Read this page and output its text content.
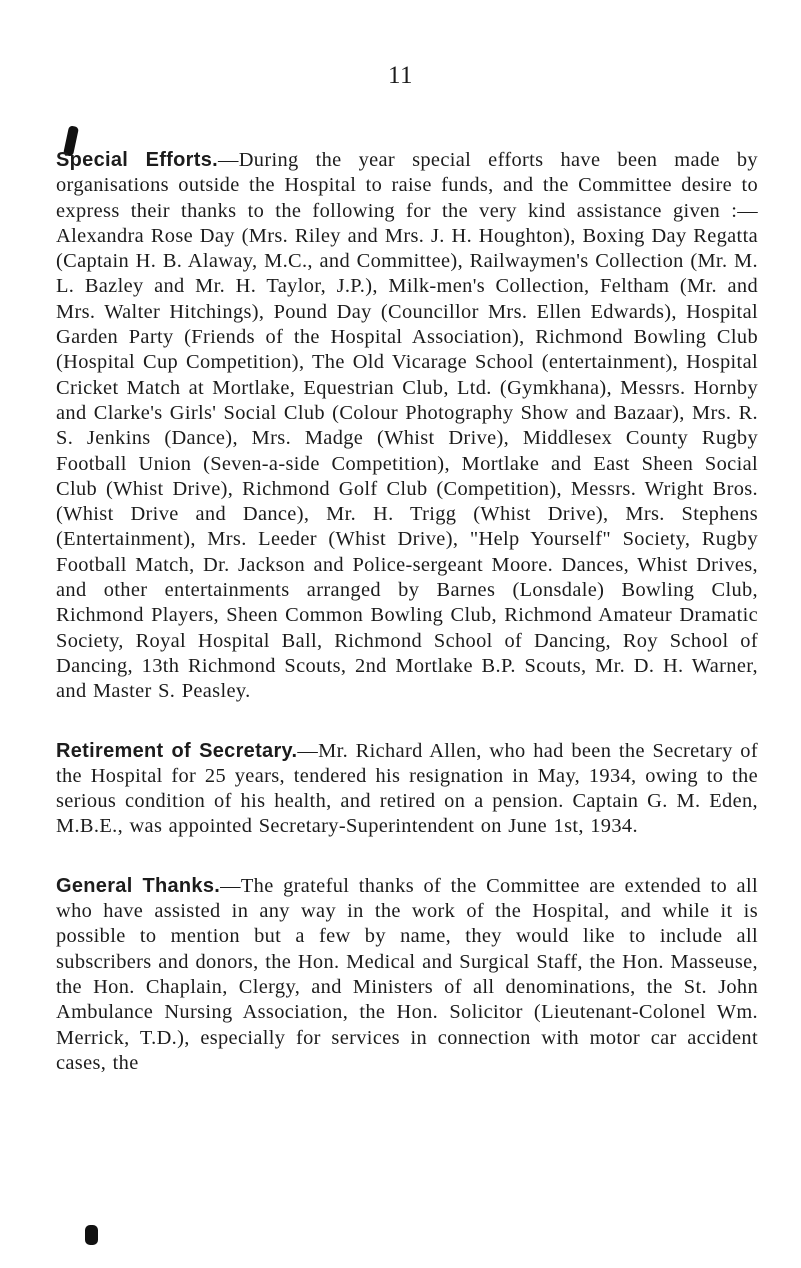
11

Special Efforts.—During the year special efforts have been made by organisations outside the Hospital to raise funds, and the Committee desire to express their thanks to the following for the very kind assistance given :—Alexandra Rose Day (Mrs. Riley and Mrs. J. H. Houghton), Boxing Day Regatta (Captain H. B. Alaway, M.C., and Committee), Railwaymen's Collection (Mr. M. L. Bazley and Mr. H. Taylor, J.P.), Milk-men's Collection, Feltham (Mr. and Mrs. Walter Hitchings), Pound Day (Councillor Mrs. Ellen Edwards), Hospital Garden Party (Friends of the Hospital Association), Richmond Bowling Club (Hospital Cup Competition), The Old Vicarage School (entertainment), Hospital Cricket Match at Mortlake, Equestrian Club, Ltd. (Gymkhana), Messrs. Hornby and Clarke's Girls' Social Club (Colour Photography Show and Bazaar), Mrs. R. S. Jenkins (Dance), Mrs. Madge (Whist Drive), Middlesex County Rugby Football Union (Seven-a-side Competition), Mortlake and East Sheen Social Club (Whist Drive), Richmond Golf Club (Competition), Messrs. Wright Bros. (Whist Drive and Dance), Mr. H. Trigg (Whist Drive), Mrs. Stephens (Entertainment), Mrs. Leeder (Whist Drive), "Help Yourself" Society, Rugby Football Match, Dr. Jackson and Police-sergeant Moore. Dances, Whist Drives, and other entertainments arranged by Barnes (Lonsdale) Bowling Club, Richmond Players, Sheen Common Bowling Club, Richmond Amateur Dramatic Society, Royal Hospital Ball, Richmond School of Dancing, Roy School of Dancing, 13th Richmond Scouts, 2nd Mortlake B.P. Scouts, Mr. D. H. Warner, and Master S. Peasley.

Retirement of Secretary.—Mr. Richard Allen, who had been the Secretary of the Hospital for 25 years, tendered his resignation in May, 1934, owing to the serious condition of his health, and retired on a pension. Captain G. M. Eden, M.B.E., was appointed Secretary-Superintendent on June 1st, 1934.

General Thanks.—The grateful thanks of the Committee are extended to all who have assisted in any way in the work of the Hospital, and while it is possible to mention but a few by name, they would like to include all subscribers and donors, the Hon. Medical and Surgical Staff, the Hon. Masseuse, the Hon. Chaplain, Clergy, and Ministers of all denominations, the St. John Ambulance Nursing Association, the Hon. Solicitor (Lieutenant-Colonel Wm. Merrick, T.D.), especially for services in connection with motor car accident cases, the
